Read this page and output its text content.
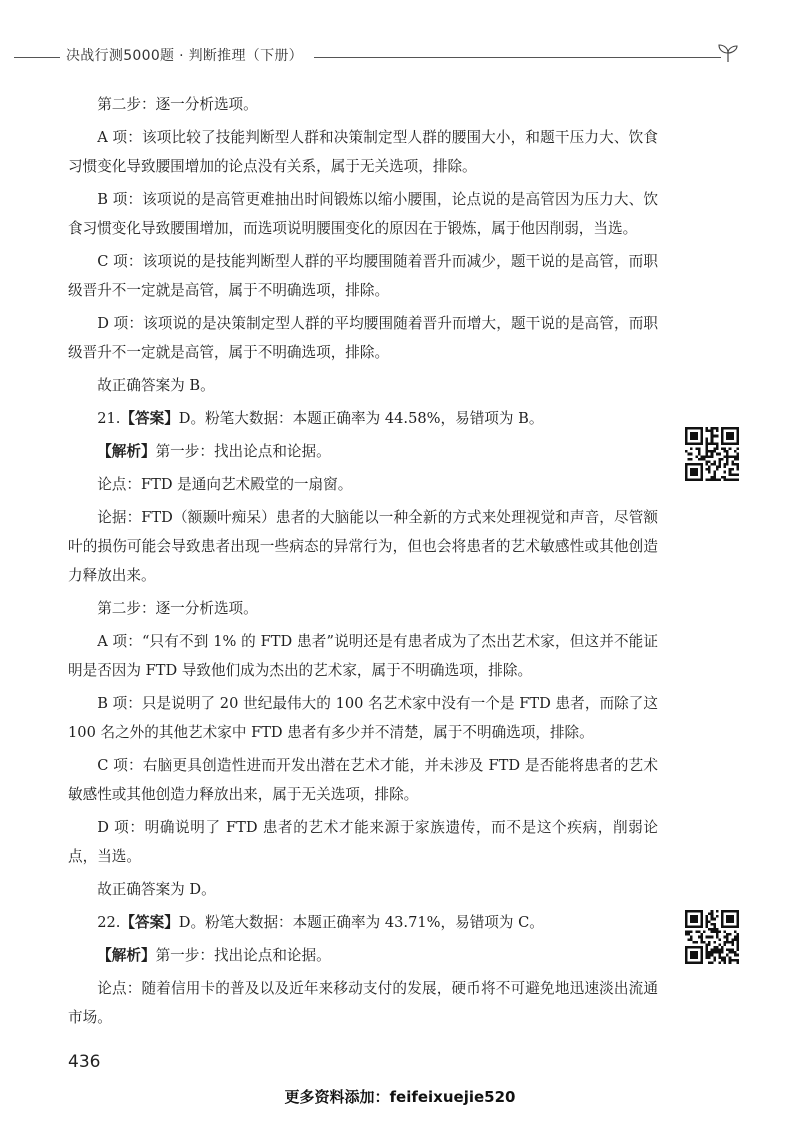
决战行测5000题 · 判断推理（下册）

第二步：逐一分析选项。

A 项：该项比较了技能判断型人群和决策制定型人群的腰围大小，和题干压力大、饮食习惯变化导致腰围增加的论点没有关系，属于无关选项，排除。

B 项：该项说的是高管更难抽出时间锻炼以缩小腰围，论点说的是高管因为压力大、饮食习惯变化导致腰围增加，而选项说明腰围变化的原因在于锻炼，属于他因削弱，当选。

C 项：该项说的是技能判断型人群的平均腰围随着晋升而减少，题干说的是高管，而职级晋升不一定就是高管，属于不明确选项，排除。

D 项：该项说的是决策制定型人群的平均腰围随着晋升而增大，题干说的是高管，而职级晋升不一定就是高管，属于不明确选项，排除。

故正确答案为 B。

21.【答案】D。粉笔大数据：本题正确率为 44.58%，易错项为 B。

【解析】第一步：找出论点和论据。

论点：FTD 是通向艺术殿堂的一扇窗。

论据：FTD（额颞叶痴呆）患者的大脑能以一种全新的方式来处理视觉和声音，尽管额叶的损伤可能会导致患者出现一些病态的异常行为，但也会将患者的艺术敏感性或其他创造力释放出来。

第二步：逐一分析选项。

A 项：“只有不到 1% 的 FTD 患者”说明还是有患者成为了杰出艺术家，但这并不能证明是否因为 FTD 导致他们成为杰出的艺术家，属于不明确选项，排除。

B 项：只是说明了 20 世纪最伟大的 100 名艺术家中没有一个是 FTD 患者，而除了这 100 名之外的其他艺术家中 FTD 患者有多少并不清楚，属于不明确选项，排除。

C 项：右脑更具创造性进而开发出潜在艺术才能，并未涉及 FTD 是否能将患者的艺术敏感性或其他创造力释放出来，属于无关选项，排除。

D 项：明确说明了 FTD 患者的艺术才能来源于家族遗传，而不是这个疾病，削弱论点，当选。

故正确答案为 D。

22.【答案】D。粉笔大数据：本题正确率为 43.71%，易错项为 C。

【解析】第一步：找出论点和论据。

论点：随着信用卡的普及以及近年来移动支付的发展，硬币将不可避免地迅速淡出流通市场。

436
更多资料添加：feifeixuejie520
